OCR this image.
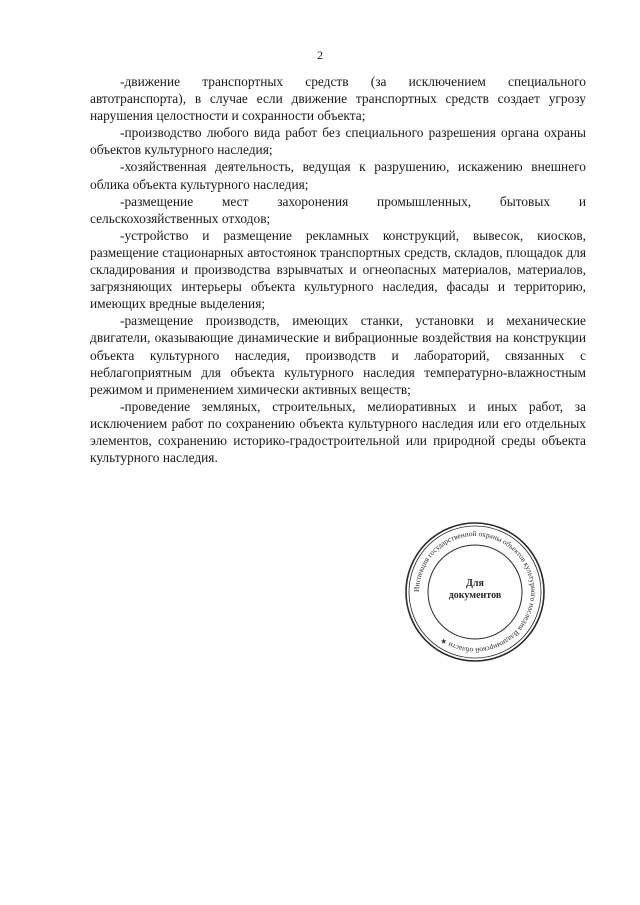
2

-движение транспортных средств (за исключением специального автотранспорта), в случае если движение транспортных средств создает угрозу нарушения целостности и сохранности объекта;

-производство любого вида работ без специального разрешения органа охраны объектов культурного наследия;

-хозяйственная деятельность, ведущая к разрушению, искажению внешнего облика объекта культурного наследия;

-размещение мест захоронения промышленных, бытовых и сельскохозяйственных отходов;

-устройство и размещение рекламных конструкций, вывесок, киосков, размещение стационарных автостоянок транспортных средств, складов, площадок для складирования и производства взрывчатых и огнеопасных материалов, материалов, загрязняющих интерьеры объекта культурного наследия, фасады и территорию, имеющих вредные выделения;

-размещение производств, имеющих станки, установки и механические двигатели, оказывающие динамические и вибрационные воздействия на конструкции объекта культурного наследия, производств и лабораторий, связанных с неблагоприятным для объекта культурного наследия температурно-влажностным режимом и применением химически активных веществ;

-проведение земляных, строительных, мелиоративных и иных работ, за исключением работ по сохранению объекта культурного наследия или его отдельных элементов, сохранению историко-градостроительной или природной среды объекта культурного наследия.

Инспекция государственной охраны объектов культурного наследия Владимирской области ★
Для
документов
